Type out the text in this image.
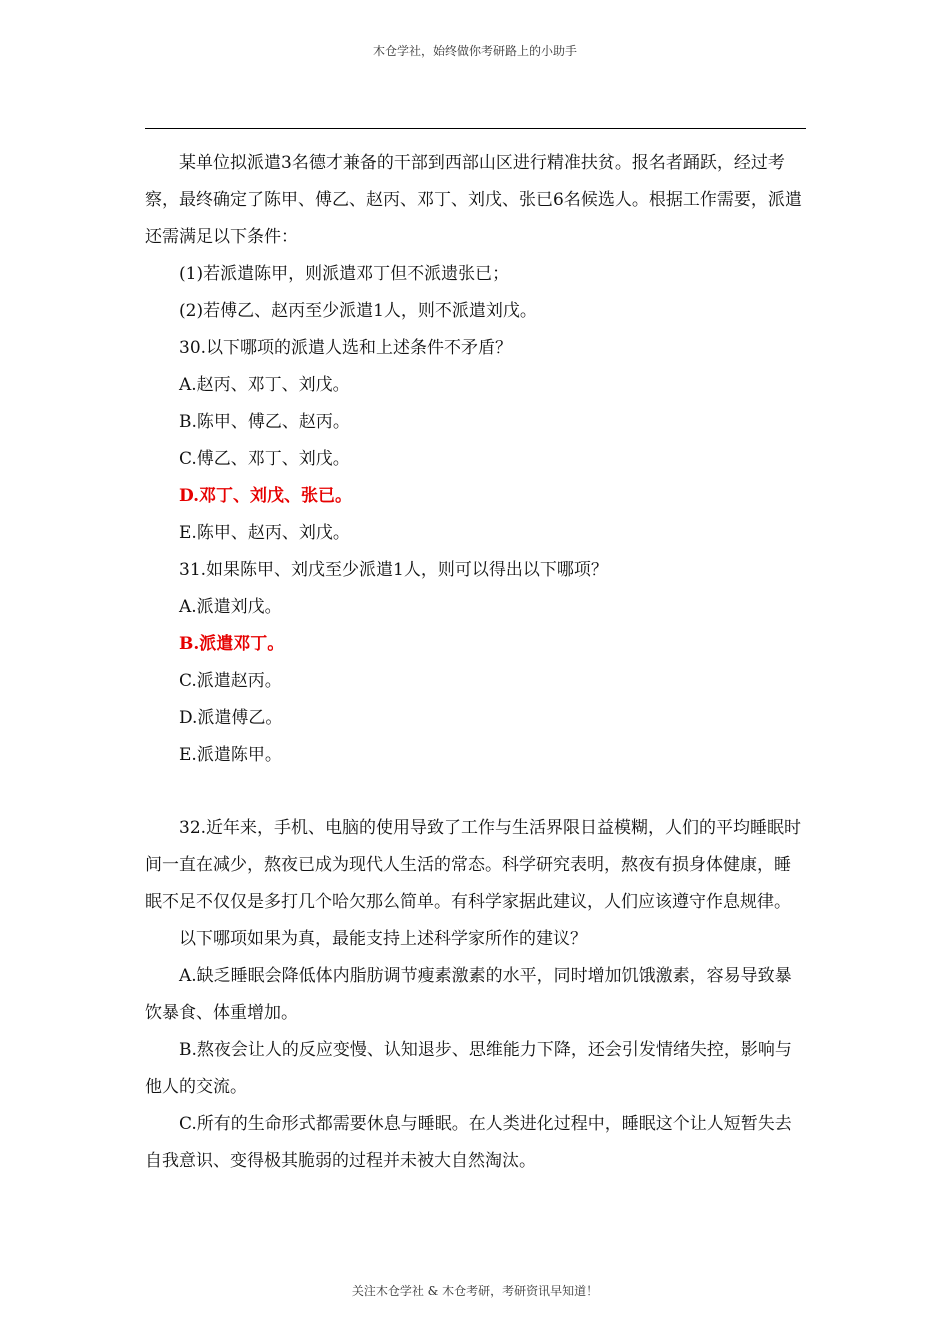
木仓学社，始终做你考研路上的小助手

某单位拟派遣3名德才兼备的干部到西部山区进行精准扶贫。报名者踊跃，经过考察，最终确定了陈甲、傅乙、赵丙、邓丁、刘戊、张已6名候选人。根据工作需要，派遣还需满足以下条件：

(1)若派遣陈甲，则派遣邓丁但不派遗张已；

(2)若傅乙、赵丙至少派遣1人，则不派遣刘戊。

30.以下哪项的派遣人选和上述条件不矛盾？

A.赵丙、邓丁、刘戊。

B.陈甲、傅乙、赵丙。

C.傅乙、邓丁、刘戊。

D.邓丁、刘戊、张已。

E.陈甲、赵丙、刘戊。

31.如果陈甲、刘戊至少派遣1人，则可以得出以下哪项？

A.派遣刘戊。

B.派遣邓丁。

C.派遣赵丙。

D.派遣傅乙。

E.派遣陈甲。

32.近年来，手机、电脑的使用导致了工作与生活界限日益模糊，人们的平均睡眠时间一直在减少，熬夜已成为现代人生活的常态。科学研究表明，熬夜有损身体健康，睡眠不足不仅仅是多打几个哈欠那么简单。有科学家据此建议，人们应该遵守作息规律。

以下哪项如果为真，最能支持上述科学家所作的建议？

A.缺乏睡眠会降低体内脂肪调节瘦素激素的水平，同时增加饥饿激素，容易导致暴饮暴食、体重增加。

B.熬夜会让人的反应变慢、认知退步、思维能力下降，还会引发情绪失控，影响与他人的交流。

C.所有的生命形式都需要休息与睡眠。在人类进化过程中，睡眠这个让人短暂失去自我意识、变得极其脆弱的过程并未被大自然淘汰。

关注木仓学社 & 木仓考研，考研资讯早知道！
